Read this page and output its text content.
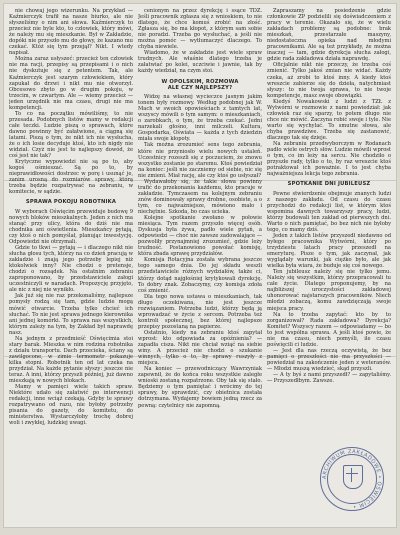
nie chowaj jego wizerunku. Na przykład — Kaźmierczyk trafił na nasze biurko, ale nie słyszeliśmy o nim ani słowa. Kaźmierczyk to przecież nie byle kto, to człowiek, który mówi, że należy mu się mieszkanie. Był w Zakładzie, dopóki nie przyszło mu do głowy, że kazano mu czekać. Któż się tym przejął? Nikt. I wtedy napisał.

Można zaraz usłyszeć: przecież ten człowiek nie ma racji, przepisy są przepisami i o nich nie dyskutuje się z petentem. Tak, ale Kaźmierczyk jest szarym człowiekiem, który zapukał do drzwi i nikt mu nie otworzył. Obcesowo zbyto go w drugim pokoju, w trzecim, w czwartym. Ale — wiemy przecież — jeden urzędnik nie ma czasu, drugi nie ma kompetencji.

To co na początku mówiliśmy, to nie przesada. Podobnych listów mamy w redakcji całe teczki. Ludzie piszą o sprawach, które dawno powinny być załatwione, a ciągną się latami. Piszą o tym, że nikt ich nie wysłucha, że o ich losie decyduje ktoś, kto ich nigdy nie widział. Czyż nie jest to najlepszy dowód, że coś jest nie tak?

Krytyczne wypowiedzi nie są po to, aby kogoś ośmieszać. Są po to, by nieprawidłowości dostrzec w porę i usunąć je, zanim urosną do rozmiarów sprawy, którą trzeba będzie rozpatrywać na zebraniu, w komitecie, w sądzie.

SPRAWA POKOJU ROBOTNIKA

W wyborach Oświęcim przewiduje budowę 9 nowych bloków mieszkalnych. Jeden z nich ma stanąć przy ulicy, która do dziś nie ma chodnika ani oświetlenia. Mieszkańcy pytają, czy ktoś o nich pomyślał, planując inwestycję. Odpowiedzi nie otrzymali.

Gdzie to tkwi — pytają — i dlaczego nikt nie słucha głosu tych, którzy na co dzień pracują w zakładzie i znają jego potrzeby lepiej niż ktokolwiek inny? Nie chodzi o pretensje, chodzi o rozsądek. Na ostatnim zebraniu zaproponowano, by przedstawiciele załogi uczestniczyli w naradach. Propozycję przyjęto, ale nic z niej nie wynikło.

Jak już się nie raz przekonaliśmy, najlepsze pomysły rodzą się tam, gdzie ludzie mogą mówić otwarcie. Trzeba tylko chcieć ich słuchać. To nie jest sprawa jednego kierownika ani jednej komórki. To sprawa nas wszystkich, którym zależy na tym, by Zakład był naprawdę nasz.

Na jednym z przedmieść Oświęcimia stoi stary barak. Mieszka w nim rodzina robotnika z działu transportu. Dach przecieka, ściany są zawilgocone, w zimie termometr pokazuje kilka stopni. Robotnik ten od lat czeka na przydział. Na każde pytanie słyszy: jeszcze nie teraz. A inni, którzy przyszli później, już dawno mieszkają w nowych blokach.

Mamy w pamięci wiele takich spraw. Niektóre udało się załatwić po interwencji redakcji, inne wciąż czekają. Gdyby te sprawy rozpatrywano od razu, nie byłoby potrzeby pisania do gazety, do komitetu, do ministerstwa. Wystarczyłoby trochę dobrej woli i zwykłej, ludzkiej uwagi.

cenionym na przez dyrekcję i ssące TDZ. Jeśli pracownik zgłasza się z wnioskiem, to nie dlatego, że chce komuś zrobić na złość. Zgłasza się, bo ma kłopot, z którym sam sobie nie poradzi. Trzeba go wysłuchać, a jeśli nie można pomóc — wytłumaczyć dlaczego. To chyba niewiele.

Wiadomo, że w zakładzie jest wiele spraw trudnych. Ale właśnie dlatego trzeba je załatwiać po kolei, uczciwie i jawnie, tak by każdy wiedział, na czym stoi.

W OPOLSKIM, ROZMOWA
ALE CZY NAJLEPSZY?

Widzę na własnej wycieczce jasnym jakim tonem były rozmowy. Według podobnej jak W. Mach w swoich opowieściach z tamtych lat, wszyscy mówili o tym samym: o mieszkaniach, o zarobkach, o tym, że trzeba czekać. Jedni narzekali głośno, inni milczeli. Kultura, Gospodarka, Oświata — każda z tych dziedzin miała swoje kłopoty.

Tak można zrozumieć sens tego zebrania, które nie przyniosło wielu nowych ustaleń. Uczestnicy rozeszli się z poczuciem, że znowu wszystko zostanie po staremu. Ktoś powiedział na koniec: jeśli nie zaczniemy od siebie, nic się nie zmieni. Miał rację, ale czy ktoś go usłyszał?

Wydawałoby się, że takie słowa powinny trafić do przekonania każdemu, kto pracuje w zakładzie. Tymczasem na kolejnym zebraniu znów dominowały sprawy drobne, osobiste, a o tym, co najważniejsze, mówiono mało i niechętnie. Szkoda, bo czas ucieka.

Kolejne spotkanie zwołano w połowie miesiąca. Tym razem przyszło więcej osób. Dyskusja była żywa, padło wiele pytań, a odpowiedzi — choć nie zawsze zadowalające — pozwoliły przynajmniej zrozumieć, gdzie leży trudność. Postanowiono powołać komisję, która zbada sprawę przydziałów.

Komisja Rotacyjna została wybrana jeszcze tego samego dnia. Do jej składu weszli przedstawiciele różnych wydziałów, także ci, którzy dotąd najgłośniej krytykowali dyrekcję. To dobry znak. Zobaczymy, czy komisja zdoła coś zmienić.

Dla tego nowa ustawa o mieszkaniach, tak długo oczekiwana, nie jest jeszcze rozwiązaniem. Potrzeba ludzi, którzy będą ją wprowadzać w życie z sercem. Potrzeba też kontroli społecznej, bez której najlepsze przepisy pozostaną na papierze.

Ostatnio, kiedy na zebraniu ktoś zapytał wprost: kto odpowiada za opóźnienia? — zapadła cisza. Nikt nie chciał wziąć na siebie winy. A przecież nie chodzi o szukanie winnych, tylko o to, by sprawy ruszyły z miejsca.

Na koniec — przewodniczący Wawrzyniak zapewnił, że do końca roku wszystkie zaległe wnioski zostaną rozpatrzone. Oby tak się stało. Będziemy o tym pamiętać i wrócimy do tej sprawy, by sprawdzić, czy obietnica została dotrzymana. Wydajemy bowiem jedną rzecz za pewną: czytelnicy nie zapomną.

Zapraszamy na posiedzenie gdzie członkowie ZP podzielili się doświadczeniem z pracy w terenie. Okazało się, że w wielu zakładach problemy są podobne: brak mieszkań, przestarzałe maszyny, niedostateczna opieka nad młodymi pracownikami. Ale są też przykłady, że można inaczej — tam, gdzie dyrekcja słucha załogi, gdzie rada zakładowa działa naprawdę.

Oficjalnie nikt nie przeczy, że trzeba coś zmienić. Tylko jakoś zmian nie widać. Każdy czeka, aż zrobi to ktoś inny. A kiedy ktoś wreszcie zabierze się do dzieła, natychmiast słyszy: to nie twoja sprawa, to nie twoje kompetencje, masz swoje obowiązki.

Kiedyś Nowakowski z ludzi z TZŁ z Wytwórni w rozmowie z nami powiedział: jak człowiek raz się sparzy, to potem długo nie chce nic mówić. Zaczyna robić swoje i tyle. Nie warto się wychylać. To smutne słowa, ale chyba prawdziwe. Trzeba się zastanowić, dlaczego tak się dzieje.

Na zebraniu przedwyborczym w Rodanach padło wiele ostrych słów. Ludzie mówili wprost o tym, co im leży na sercu. Nie chodziło o przyszłe rady, tylko o to, by raz wreszcie ktoś potraktował ich poważnie. I to jest chyba najważniejsza lekcja tego zebrania.

SPOTKANIE DNI JUBILEUSZ

Pewne stwierdzenie obejmuje znanych ludzi z naszego zakładu. Od czasu do czasu przychodzi do redakcji list, w którym ktoś wspomina dawnych towarzyszy pracy, ludzi, którzy budowali ten zakład od pierwszych dni. Warto o nich pamiętać, bo bez nich nie byłoby tego, co mamy dziś.

Jeden z takich listów przyszedł niedawno od byłego pracownika Wytwórni, który po trzydziestu latach pracy przeszedł na emeryturę. Pisze o tym, jak zaczynał, jak wyglądały warunki, jak ciężko było, ale jak wielka była wiara, że buduje się coś nowego.

Ten jubileusz należy się nie tylko jemu. Należy się wszystkim, którzy przepracowali tu całe życie. Dlatego proponujemy, by na najbliższej uroczystości zakładowej uhonorować najstarszych pracowników. Niech młodzi zobaczą, komu zawdzięczają swoje miejsca pracy.

Na to trzeba zapytać: kto by to zorganizował? Rada zakładowa? Dyrekcja? Komitet? Wszyscy razem — odpowiadamy — bo to jest wspólna sprawa. A jeśli ktoś powie, że nie ma czasu, niech pomyśli, ile czasu poświęcili ci ludzie.

— Jest dla nas rzeczą oczywistą, że bez pamięci o przeszłości nie ma przyszłości — powiedział na zakończenie jeden z weteranów. — Młodzi muszą wiedzieć, skąd przyszli.

— A ty byś z nami przyszedł? — zapytaliśmy. — Przyszedłbym. Zawsze.

ARCHIWUM ZAKŁADOWE • OŚWIĘCIM •
